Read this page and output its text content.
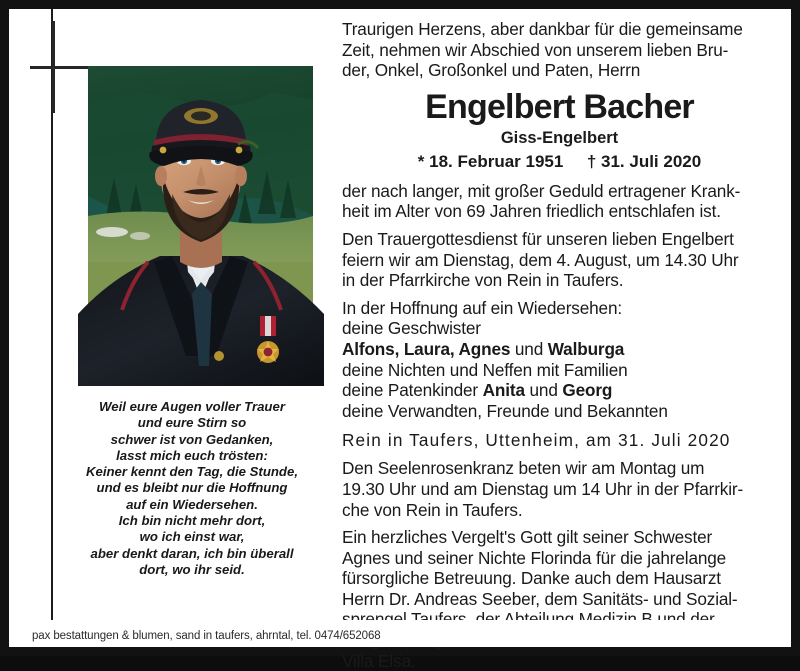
Weil eure Augen voller Trauer
und eure Stirn so
schwer ist von Gedanken,
lasst mich euch trösten:
Keiner kennt den Tag, die Stunde,
und es bleibt nur die Hoffnung
auf ein Wiedersehen.
Ich bin nicht mehr dort,
wo ich einst war,
aber denkt daran, ich bin überall
dort, wo ihr seid.
Traurigen Herzens, aber dankbar für die gemeinsame
Zeit, nehmen wir Abschied von unserem lieben Bru-
der, Onkel, Großonkel und Paten, Herrn
Engelbert Bacher
Giss-Engelbert
* 18. Februar 1951 † 31. Juli 2020
der nach langer, mit großer Geduld ertragener Krank-
heit im Alter von 69 Jahren friedlich entschlafen ist.
Den Trauergottesdienst für unseren lieben Engelbert
feiern wir am Dienstag, dem 4. August, um 14.30 Uhr
in der Pfarrkirche von Rein in Taufers.
In der Hoffnung auf ein Wiedersehen:
deine Geschwister
Alfons, Laura, Agnes und Walburga
deine Nichten und Neffen mit Familien
deine Patenkinder Anita und Georg
deine Verwandten, Freunde und Bekannten
Rein in Taufers, Uttenheim, am 31. Juli 2020
Den Seelenrosenkranz beten wir am Montag um
19.30 Uhr und am Dienstag um 14 Uhr in der Pfarrkir-
che von Rein in Taufers.
Ein herzliches Vergelt's Gott gilt seiner Schwester
Agnes und seiner Nichte Florinda für die jahrelange
fürsorgliche Betreuung. Danke auch dem Hausarzt
Herrn Dr. Andreas Seeber, dem Sanitäts- und Sozial-
Villa Elsa.
pax bestattungen & blumen, sand in taufers, ahrntal, tel. 0474/652068
